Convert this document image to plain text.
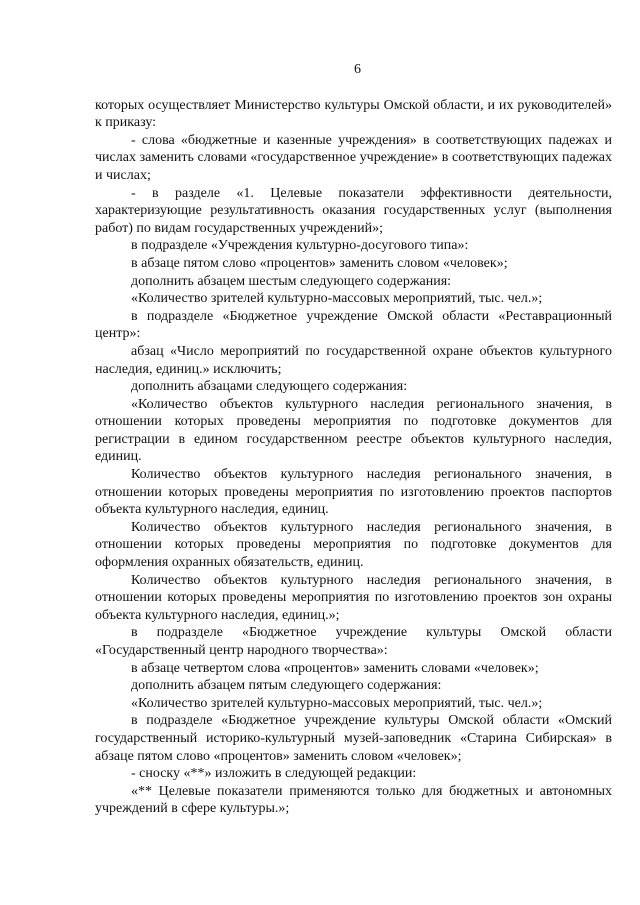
6

которых осуществляет Министерство культуры Омской области, и их руководителей» к приказу:

- слова «бюджетные и казенные учреждения» в соответствующих падежах и числах заменить словами «государственное учреждение» в соответствующих падежах и числах;

- в разделе «1. Целевые показатели эффективности деятельности, характеризующие результативность оказания государственных услуг (выполнения работ) по видам государственных учреждений»;

в подразделе «Учреждения культурно-досугового типа»:

в абзаце пятом слово «процентов» заменить словом «человек»;

дополнить абзацем шестым следующего содержания:

«Количество зрителей культурно-массовых мероприятий, тыс. чел.»;

в подразделе «Бюджетное учреждение Омской области «Реставрационный центр»:

абзац «Число мероприятий по государственной охране объектов культурного наследия, единиц.» исключить;

дополнить абзацами следующего содержания:

«Количество объектов культурного наследия регионального значения, в отношении которых проведены мероприятия по подготовке документов для регистрации в едином государственном реестре объектов культурного наследия, единиц.

Количество объектов культурного наследия регионального значения, в отношении которых проведены мероприятия по изготовлению проектов паспортов объекта культурного наследия, единиц.

Количество объектов культурного наследия регионального значения, в отношении которых проведены мероприятия по подготовке документов для оформления охранных обязательств, единиц.

Количество объектов культурного наследия регионального значения, в отношении которых проведены мероприятия по изготовлению проектов зон охраны объекта культурного наследия, единиц.»;

в подразделе «Бюджетное учреждение культуры Омской области «Государственный центр народного творчества»:

в абзаце четвертом слова «процентов» заменить словами «человек»;

дополнить абзацем пятым следующего содержания:

«Количество зрителей культурно-массовых мероприятий, тыс. чел.»;

в подразделе «Бюджетное учреждение культуры Омской области «Омский государственный историко-культурный музей-заповедник «Старина Сибирская» в абзаце пятом слово «процентов» заменить словом «человек»;

- сноску «**» изложить в следующей редакции:

«** Целевые показатели применяются только для бюджетных и автономных учреждений в сфере культуры.»;
